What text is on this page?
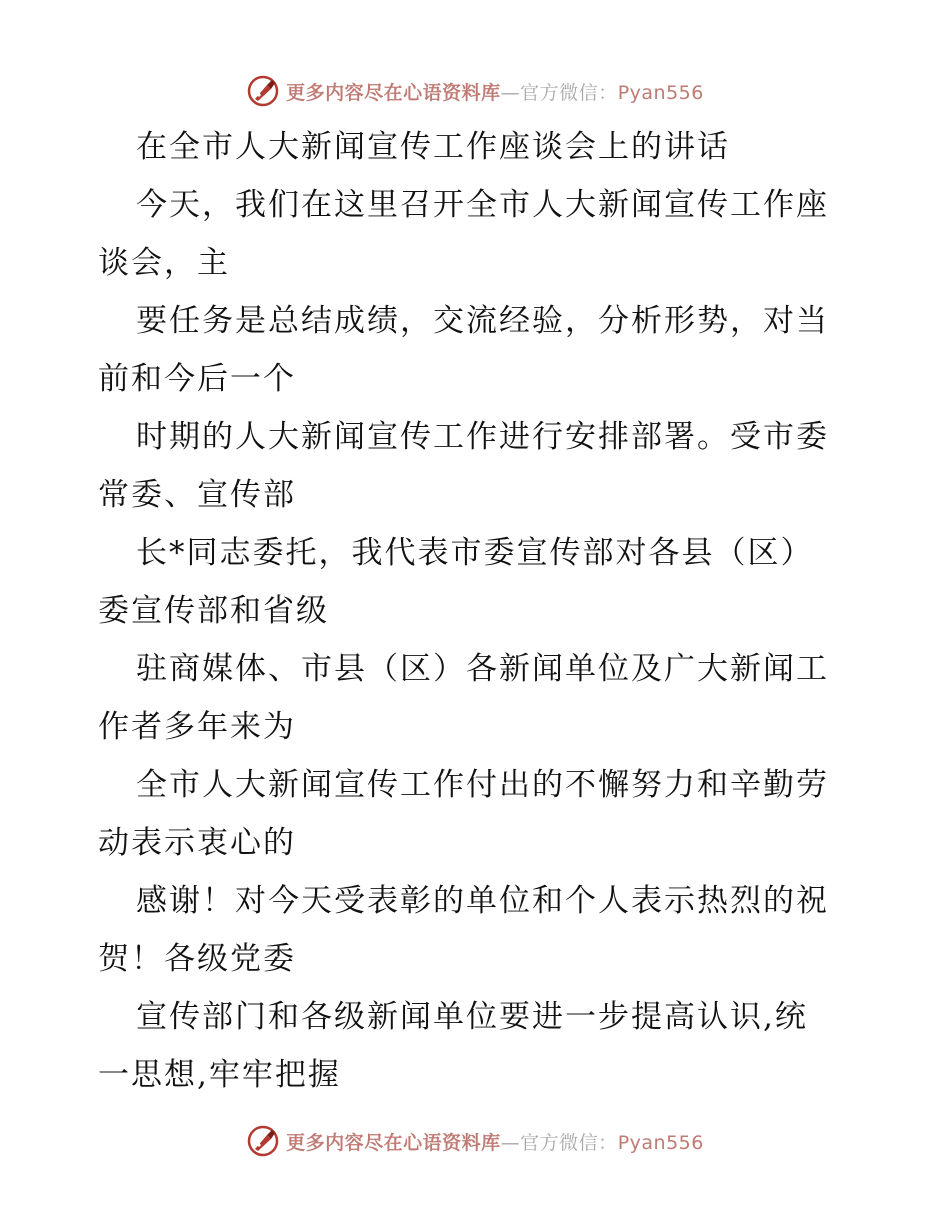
更多内容尽在心语资料库—官方微信：Pyan556
在全市人大新闻宣传工作座谈会上的讲话
今天，我们在这里召开全市人大新闻宣传工作座
谈会，主
要任务是总结成绩，交流经验，分析形势，对当
前和今后一个
时期的人大新闻宣传工作进行安排部署。受市委
常委、宣传部
长*同志委托，我代表市委宣传部对各县（区）
委宣传部和省级
驻商媒体、市县（区）各新闻单位及广大新闻工
作者多年来为
全市人大新闻宣传工作付出的不懈努力和辛勤劳
动表示衷心的
感谢！对今天受表彰的单位和个人表示热烈的祝
贺！各级党委
宣传部门和各级新闻单位要进一步提高认识,统
一思想,牢牢把握
更多内容尽在心语资料库—官方微信：Pyan556
